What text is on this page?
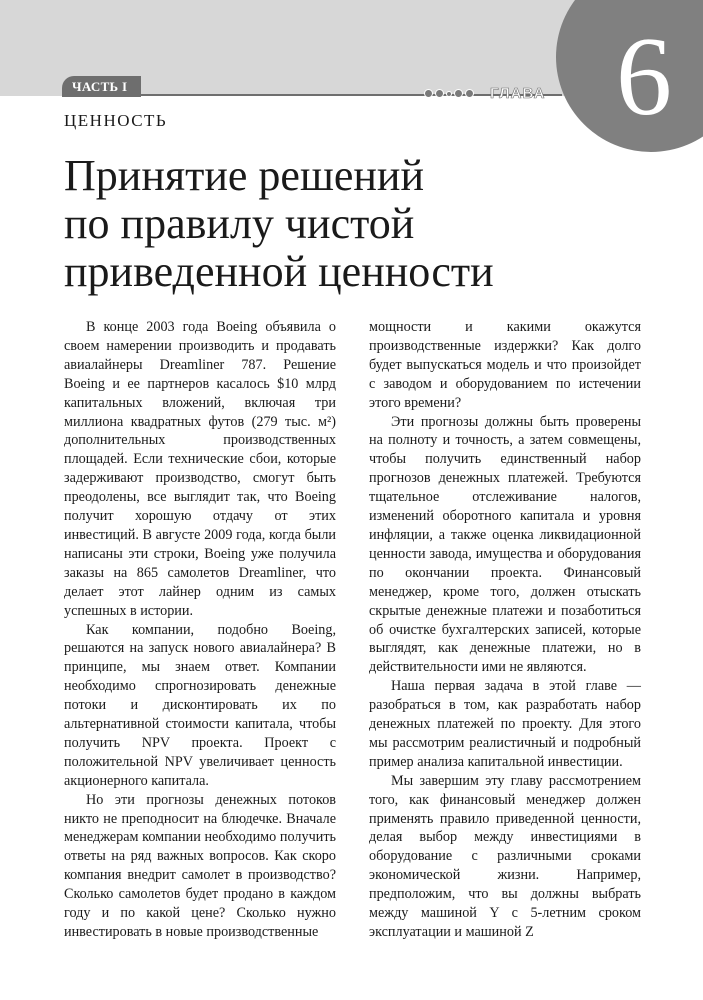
6
ЧАСТЬ I	ГЛАВА
ЦЕННОСТЬ
Принятие решений
по правилу чистой
приведенной ценности

В конце 2003 года Boeing объявила о своем намерении производить и продавать авиалайнеры Dreamliner 787. Решение Boeing и ее партнеров касалось $10 млрд капитальных вложений, включая три миллиона квадратных футов (279 тыс. м²) дополнительных производственных площадей. Если технические сбои, которые задерживают производство, смогут быть преодолены, все выглядит так, что Boeing получит хорошую отдачу от этих инвестиций. В августе 2009 года, когда были написаны эти строки, Boeing уже получила заказы на 865 самолетов Dreamliner, что делает этот лайнер одним из самых успешных в истории.

Как компании, подобно Boeing, решаются на запуск нового авиалайнера? В принципе, мы знаем ответ. Компании необходимо спрогнозировать денежные потоки и дисконтировать их по альтернативной стоимости капитала, чтобы получить NPV проекта. Проект с положительной NPV увеличивает ценность акционерного капитала.

Но эти прогнозы денежных потоков никто не преподносит на блюдечке. Вначале менеджерам компании необходимо получить ответы на ряд важных вопросов. Как скоро компания внедрит самолет в производство? Сколько самолетов будет продано в каждом году и по какой цене? Сколько нужно инвестировать в новые производственные

мощности и какими окажутся производственные издержки? Как долго будет выпускаться модель и что произойдет с заводом и оборудованием по истечении этого времени?

Эти прогнозы должны быть проверены на полноту и точность, а затем совмещены, чтобы получить единственный набор прогнозов денежных платежей. Требуются тщательное отслеживание налогов, изменений оборотного капитала и уровня инфляции, а также оценка ликвидационной ценности завода, имущества и оборудования по окончании проекта. Финансовый менеджер, кроме того, должен отыскать скрытые денежные платежи и позаботиться об очистке бухгалтерских записей, которые выглядят, как денежные платежи, но в действительности ими не являются.

Наша первая задача в этой главе — разобраться в том, как разработать набор денежных платежей по проекту. Для этого мы рассмотрим реалистичный и подробный пример анализа капитальной инвестиции.

Мы завершим эту главу рассмотрением того, как финансовый менеджер должен применять правило приведенной ценности, делая выбор между инвестициями в оборудование с различными сроками экономической жизни. Например, предположим, что вы должны выбрать между машиной Y с 5-летним сроком эксплуатации и машиной Z
